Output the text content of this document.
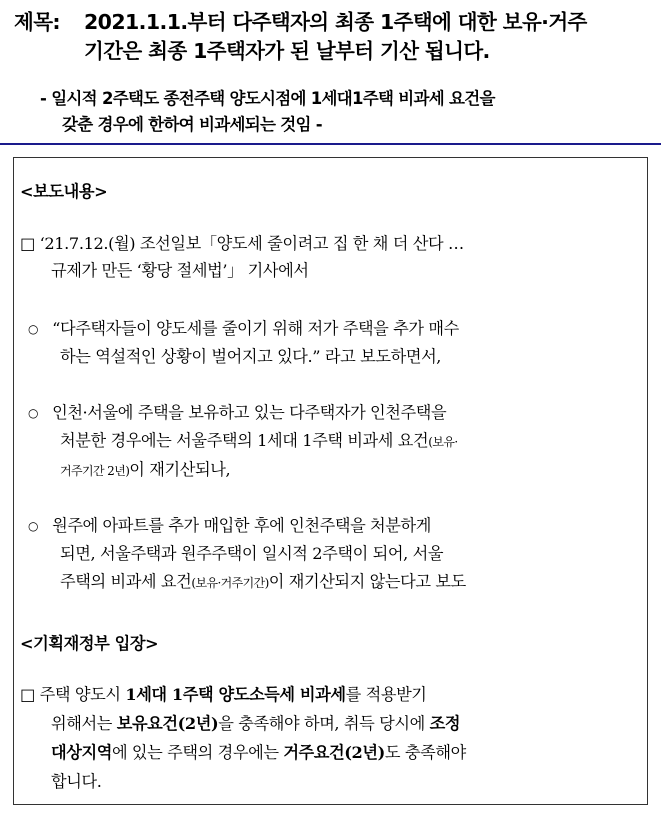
제목:	2021.1.1.부터 다주택자의 최종 1주택에 대한 보유·거주
기간은 최종 1주택자가 된 날부터 기산 됩니다.
- 일시적 2주택도 종전주택 양도시점에 1세대1주택 비과세 요건을
갖춘 경우에 한하여 비과세되는 것임 -
<보도내용>
□ ‘21.7.12.(월) 조선일보「양도세 줄이려고 집 한 채 더 산다 …
규제가 만든 ‘황당 절세법’」 기사에서
○ “다주택자들이 양도세를 줄이기 위해 저가 주택을 추가 매수
하는 역설적인 상황이 벌어지고 있다.” 라고 보도하면서,
○ 인천·서울에 주택을 보유하고 있는 다주택자가 인천주택을
처분한 경우에는 서울주택의 1세대 1주택 비과세 요건(보유·
거주기간 2년)이 재기산되나,
○ 원주에 아파트를 추가 매입한 후에 인천주택을 처분하게
되면, 서울주택과 원주주택이 일시적 2주택이 되어, 서울
주택의 비과세 요건(보유·거주기간)이 재기산되지 않는다고 보도
<기획재정부 입장>
□ 주택 양도시 1세대 1주택 양도소득세 비과세를 적용받기
위해서는 보유요건(2년)을 충족해야 하며, 취득 당시에 조정
대상지역에 있는 주택의 경우에는 거주요건(2년)도 충족해야
합니다.
